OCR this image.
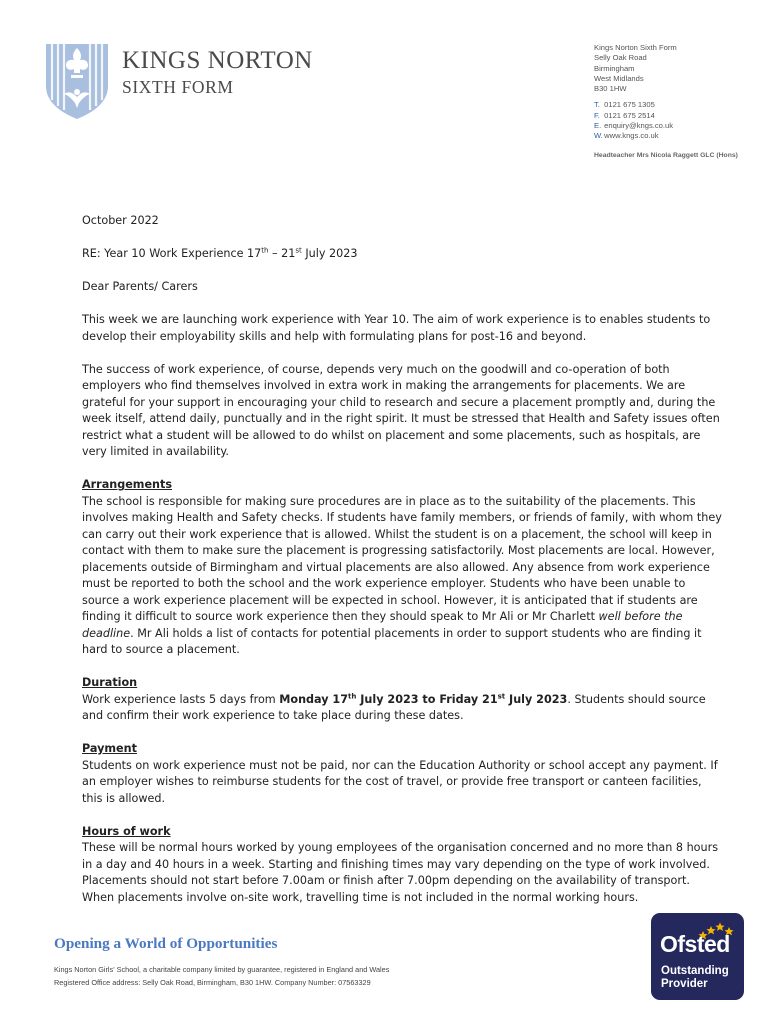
KINGS NORTON
SIXTH FORM
Kings Norton Sixth Form
Selly Oak Road
Birmingham
West Midlands
B30 1HW
T. 0121 675 1305
F. 0121 675 2514
E. enquiry@kngs.co.uk
W. www.kngs.co.uk
Headteacher Mrs Nicola Raggett GLC (Hons)

October 2022

RE: Year 10 Work Experience 17th – 21st July 2023

Dear Parents/ Carers

This week we are launching work experience with Year 10. The aim of work experience is to enables students to develop their employability skills and help with formulating plans for post-16 and beyond.

The success of work experience, of course, depends very much on the goodwill and co-operation of both employers who find themselves involved in extra work in making the arrangements for placements. We are grateful for your support in encouraging your child to research and secure a placement promptly and, during the week itself, attend daily, punctually and in the right spirit. It must be stressed that Health and Safety issues often restrict what a student will be allowed to do whilst on placement and some placements, such as hospitals, are very limited in availability.

Arrangements

The school is responsible for making sure procedures are in place as to the suitability of the placements. This involves making Health and Safety checks. If students have family members, or friends of family, with whom they can carry out their work experience that is allowed. Whilst the student is on a placement, the school will keep in contact with them to make sure the placement is progressing satisfactorily. Most placements are local. However, placements outside of Birmingham and virtual placements are also allowed. Any absence from work experience must be reported to both the school and the work experience employer. Students who have been unable to source a work experience placement will be expected in school. However, it is anticipated that if students are finding it difficult to source work experience then they should speak to Mr Ali or Mr Charlett well before the deadline. Mr Ali holds a list of contacts for potential placements in order to support students who are finding it hard to source a placement.

Duration

Work experience lasts 5 days from Monday 17th July 2023 to Friday 21st July 2023. Students should source and confirm their work experience to take place during these dates.

Payment

Students on work experience must not be paid, nor can the Education Authority or school accept any payment. If an employer wishes to reimburse students for the cost of travel, or provide free transport or canteen facilities, this is allowed.

Hours of work

These will be normal hours worked by young employees of the organisation concerned and no more than 8 hours in a day and 40 hours in a week. Starting and finishing times may vary depending on the type of work involved. Placements should not start before 7.00am or finish after 7.00pm depending on the availability of transport. When placements involve on-site work, travelling time is not included in the normal working hours.

Opening a World of Opportunities
Kings Norton Girls' School, a charitable company limited by guarantee, registered in England and Wales
Registered Office address: Selly Oak Road, Birmingham, B30 1HW. Company Number: 07563329
Ofsted
Outstanding
Provider
